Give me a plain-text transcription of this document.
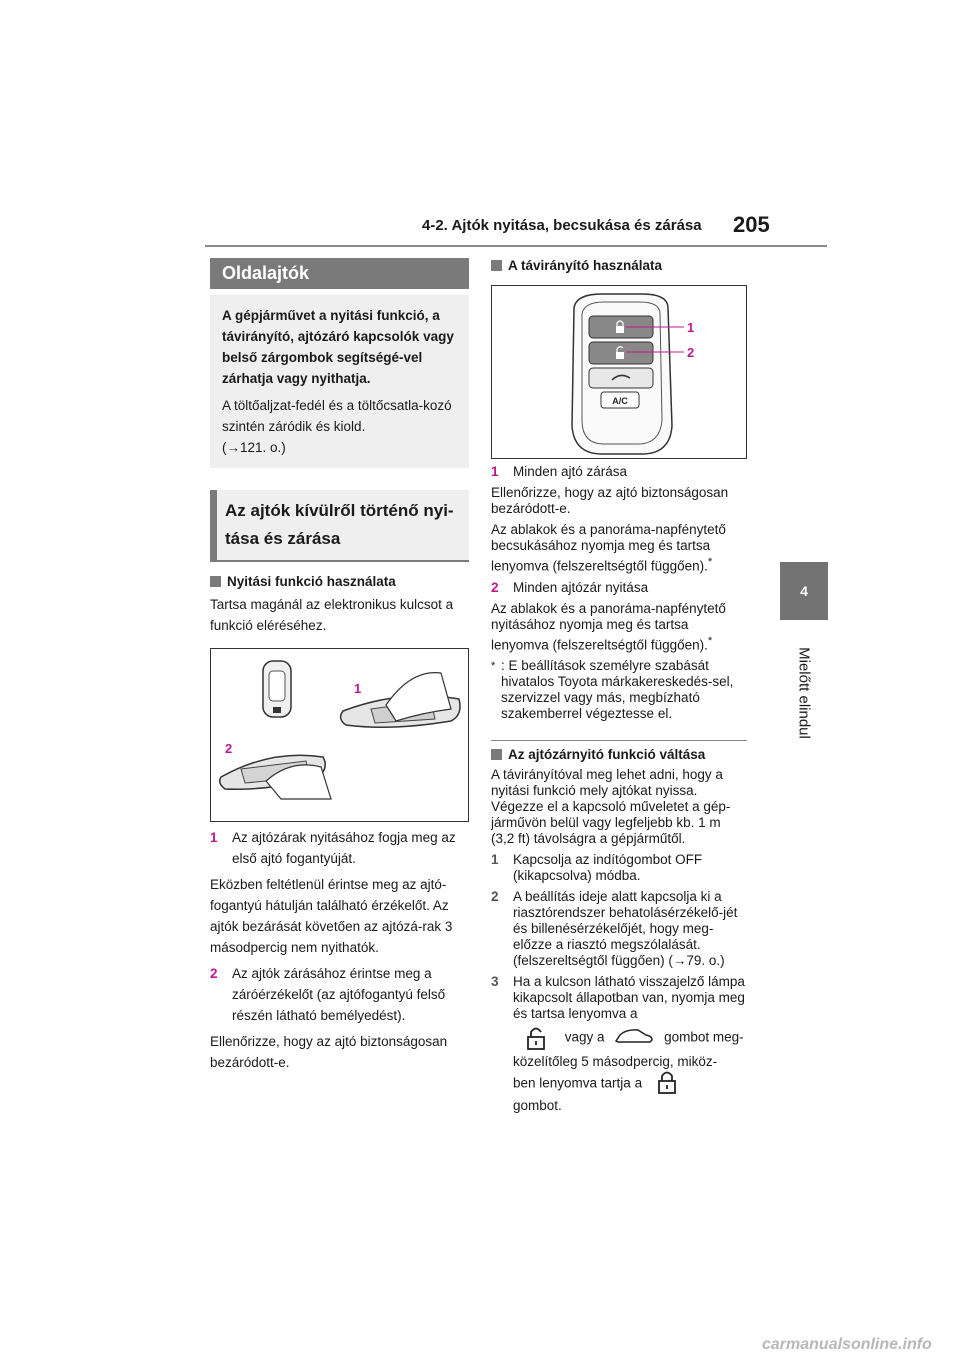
4-2. Ajtók nyitása, becsukása és zárása 205
4
Mielőtt elindul
Oldalajtók

A gépjárművet a nyitási funkció, a távirányító, ajtózáró kapcsolók vagy belső zárgombok segítségé-vel zárhatja vagy nyithatja.

A töltőaljzat-fedél és a töltőcsatla-kozó szintén záródik és kiold.

(→121. o.)

Az ajtók kívülről történő nyi-tása és zárása
Nyitási funkció használata

Tartsa magánál az elektronikus kulcsot a funkció eléréséhez.

1
2
1	Az ajtózárak nyitásához fogja meg az első ajtó fogantyúját.

Eközben feltétlenül érintse meg az ajtó-fogantyú hátulján található érzékelőt. Az ajtók bezárását követően az ajtózá-rak 3 másodpercig nem nyithatók.

2	Az ajtók zárásához érintse meg a záróérzékelőt (az ajtófogantyú felső részén látható bemélyedést).

Ellenőrizze, hogy az ajtó biztonságosan bezáródott-e.

A távirányító használata
A/C
1
2
1	Minden ajtó zárása

Ellenőrizze, hogy az ajtó biztonságosan bezáródott-e.

Az ablakok és a panoráma-napfénytető becsukásához nyomja meg és tartsa lenyomva (felszereltségtől függően).*

2	Minden ajtózár nyitása

Az ablakok és a panoráma-napfénytető nyitásához nyomja meg és tartsa lenyomva (felszereltségtől függően).*

* : E beállítások személyre szabását hivatalos Toyota márkakereskedés-sel, szervizzel vagy más, megbízható szakemberrel végeztesse el.
Az ajtózárnyitó funkció váltása

A távirányítóval meg lehet adni, hogy a nyitási funkció mely ajtókat nyissa. Végezze el a kapcsoló műveletet a gép-járművön belül vagy legfeljebb kb. 1 m (3,2 ft) távolságra a gépjárműtől.

1	Kapcsolja az indítógombot OFF (kikapcsolva) módba.
2	A beállítás ideje alatt kapcsolja ki a riasztórendszer behatolásérzékelő-jét és billenésérzékelőjét, hogy meg-előzze a riasztó megszólalását. (felszereltségtől függően) (→79. o.)
3	Ha a kulcson látható visszajelző lámpa kikapcsolt állapotban van, nyomja meg és tartsa lenyomva a
vagy a	gombot meg-közelítőleg 5 másodpercig, miköz-
ben lenyomva tartja a
gombot.
carmanualsonline.info
